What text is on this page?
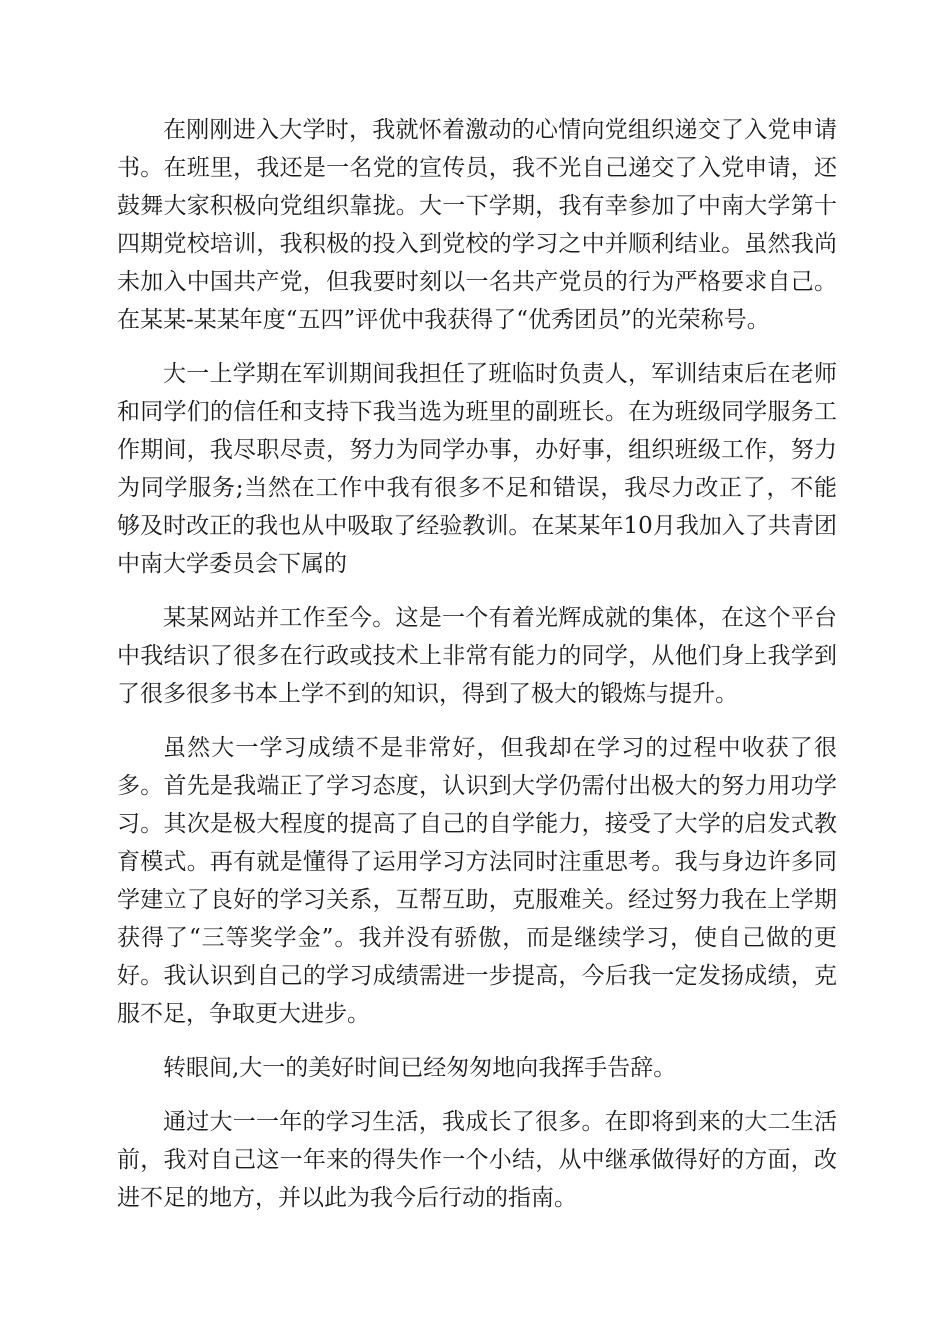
在刚刚进入大学时，我就怀着激动的心情向党组织递交了入党申请书。在班里，我还是一名党的宣传员，我不光自己递交了入党申请，还鼓舞大家积极向党组织靠拢。大一下学期，我有幸参加了中南大学第十四期党校培训，我积极的投入到党校的学习之中并顺利结业。虽然我尚未加入中国共产党，但我要时刻以一名共产党员的行为严格要求自己。在某某-某某年度“五四”评优中我获得了“优秀团员”的光荣称号。

大一上学期在军训期间我担任了班临时负责人，军训结束后在老师和同学们的信任和支持下我当选为班里的副班长。在为班级同学服务工作期间，我尽职尽责，努力为同学办事，办好事，组织班级工作，努力为同学服务;当然在工作中我有很多不足和错误，我尽力改正了，不能够及时改正的我也从中吸取了经验教训。在某某年10月我加入了共青团中南大学委员会下属的

某某网站并工作至今。这是一个有着光辉成就的集体，在这个平台中我结识了很多在行政或技术上非常有能力的同学，从他们身上我学到了很多很多书本上学不到的知识，得到了极大的锻炼与提升。

虽然大一学习成绩不是非常好，但我却在学习的过程中收获了很多。首先是我端正了学习态度，认识到大学仍需付出极大的努力用功学习。其次是极大程度的提高了自己的自学能力，接受了大学的启发式教育模式。再有就是懂得了运用学习方法同时注重思考。我与身边许多同学建立了良好的学习关系，互帮互助，克服难关。经过努力我在上学期获得了“三等奖学金”。我并没有骄傲，而是继续学习，使自己做的更好。我认识到自己的学习成绩需进一步提高，今后我一定发扬成绩，克服不足，争取更大进步。

转眼间,大一的美好时间已经匆匆地向我挥手告辞。

通过大一一年的学习生活，我成长了很多。在即将到来的大二生活前，我对自己这一年来的得失作一个小结，从中继承做得好的方面，改进不足的地方，并以此为我今后行动的指南。
